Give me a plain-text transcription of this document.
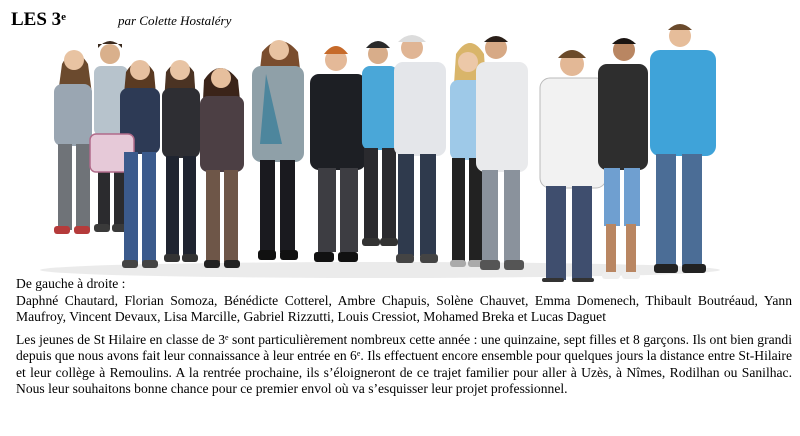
LES 3e	par Colette Hostaléry

De gauche à droite :

Daphné Chautard, Florian Somoza, Bénédicte Cotterel, Ambre Chapuis, Solène Chauvet, Emma Domenech, Thibault Boutréaud, Yann Maufroy, Vincent Devaux, Lisa Marcille, Gabriel Rizzutti, Louis Cressiot, Mohamed Breka et Lucas Daguet

Les jeunes de St Hilaire en classe de 3e sont particulièrement nombreux cette année : une quinzaine, sept filles et 8 garçons. Ils ont bien grandi depuis que nous avons fait leur connaissance à leur entrée en 6e. Ils effectuent encore ensemble pour quelques jours la distance entre St-Hilaire et leur collège à Remoulins. A la rentrée prochaine, ils s’éloigneront de ce trajet familier pour aller à Uzès, à Nîmes, Rodilhan ou Sanilhac. Nous leur souhaitons bonne chance pour ce premier envol où va s’esquisser leur projet professionnel.
